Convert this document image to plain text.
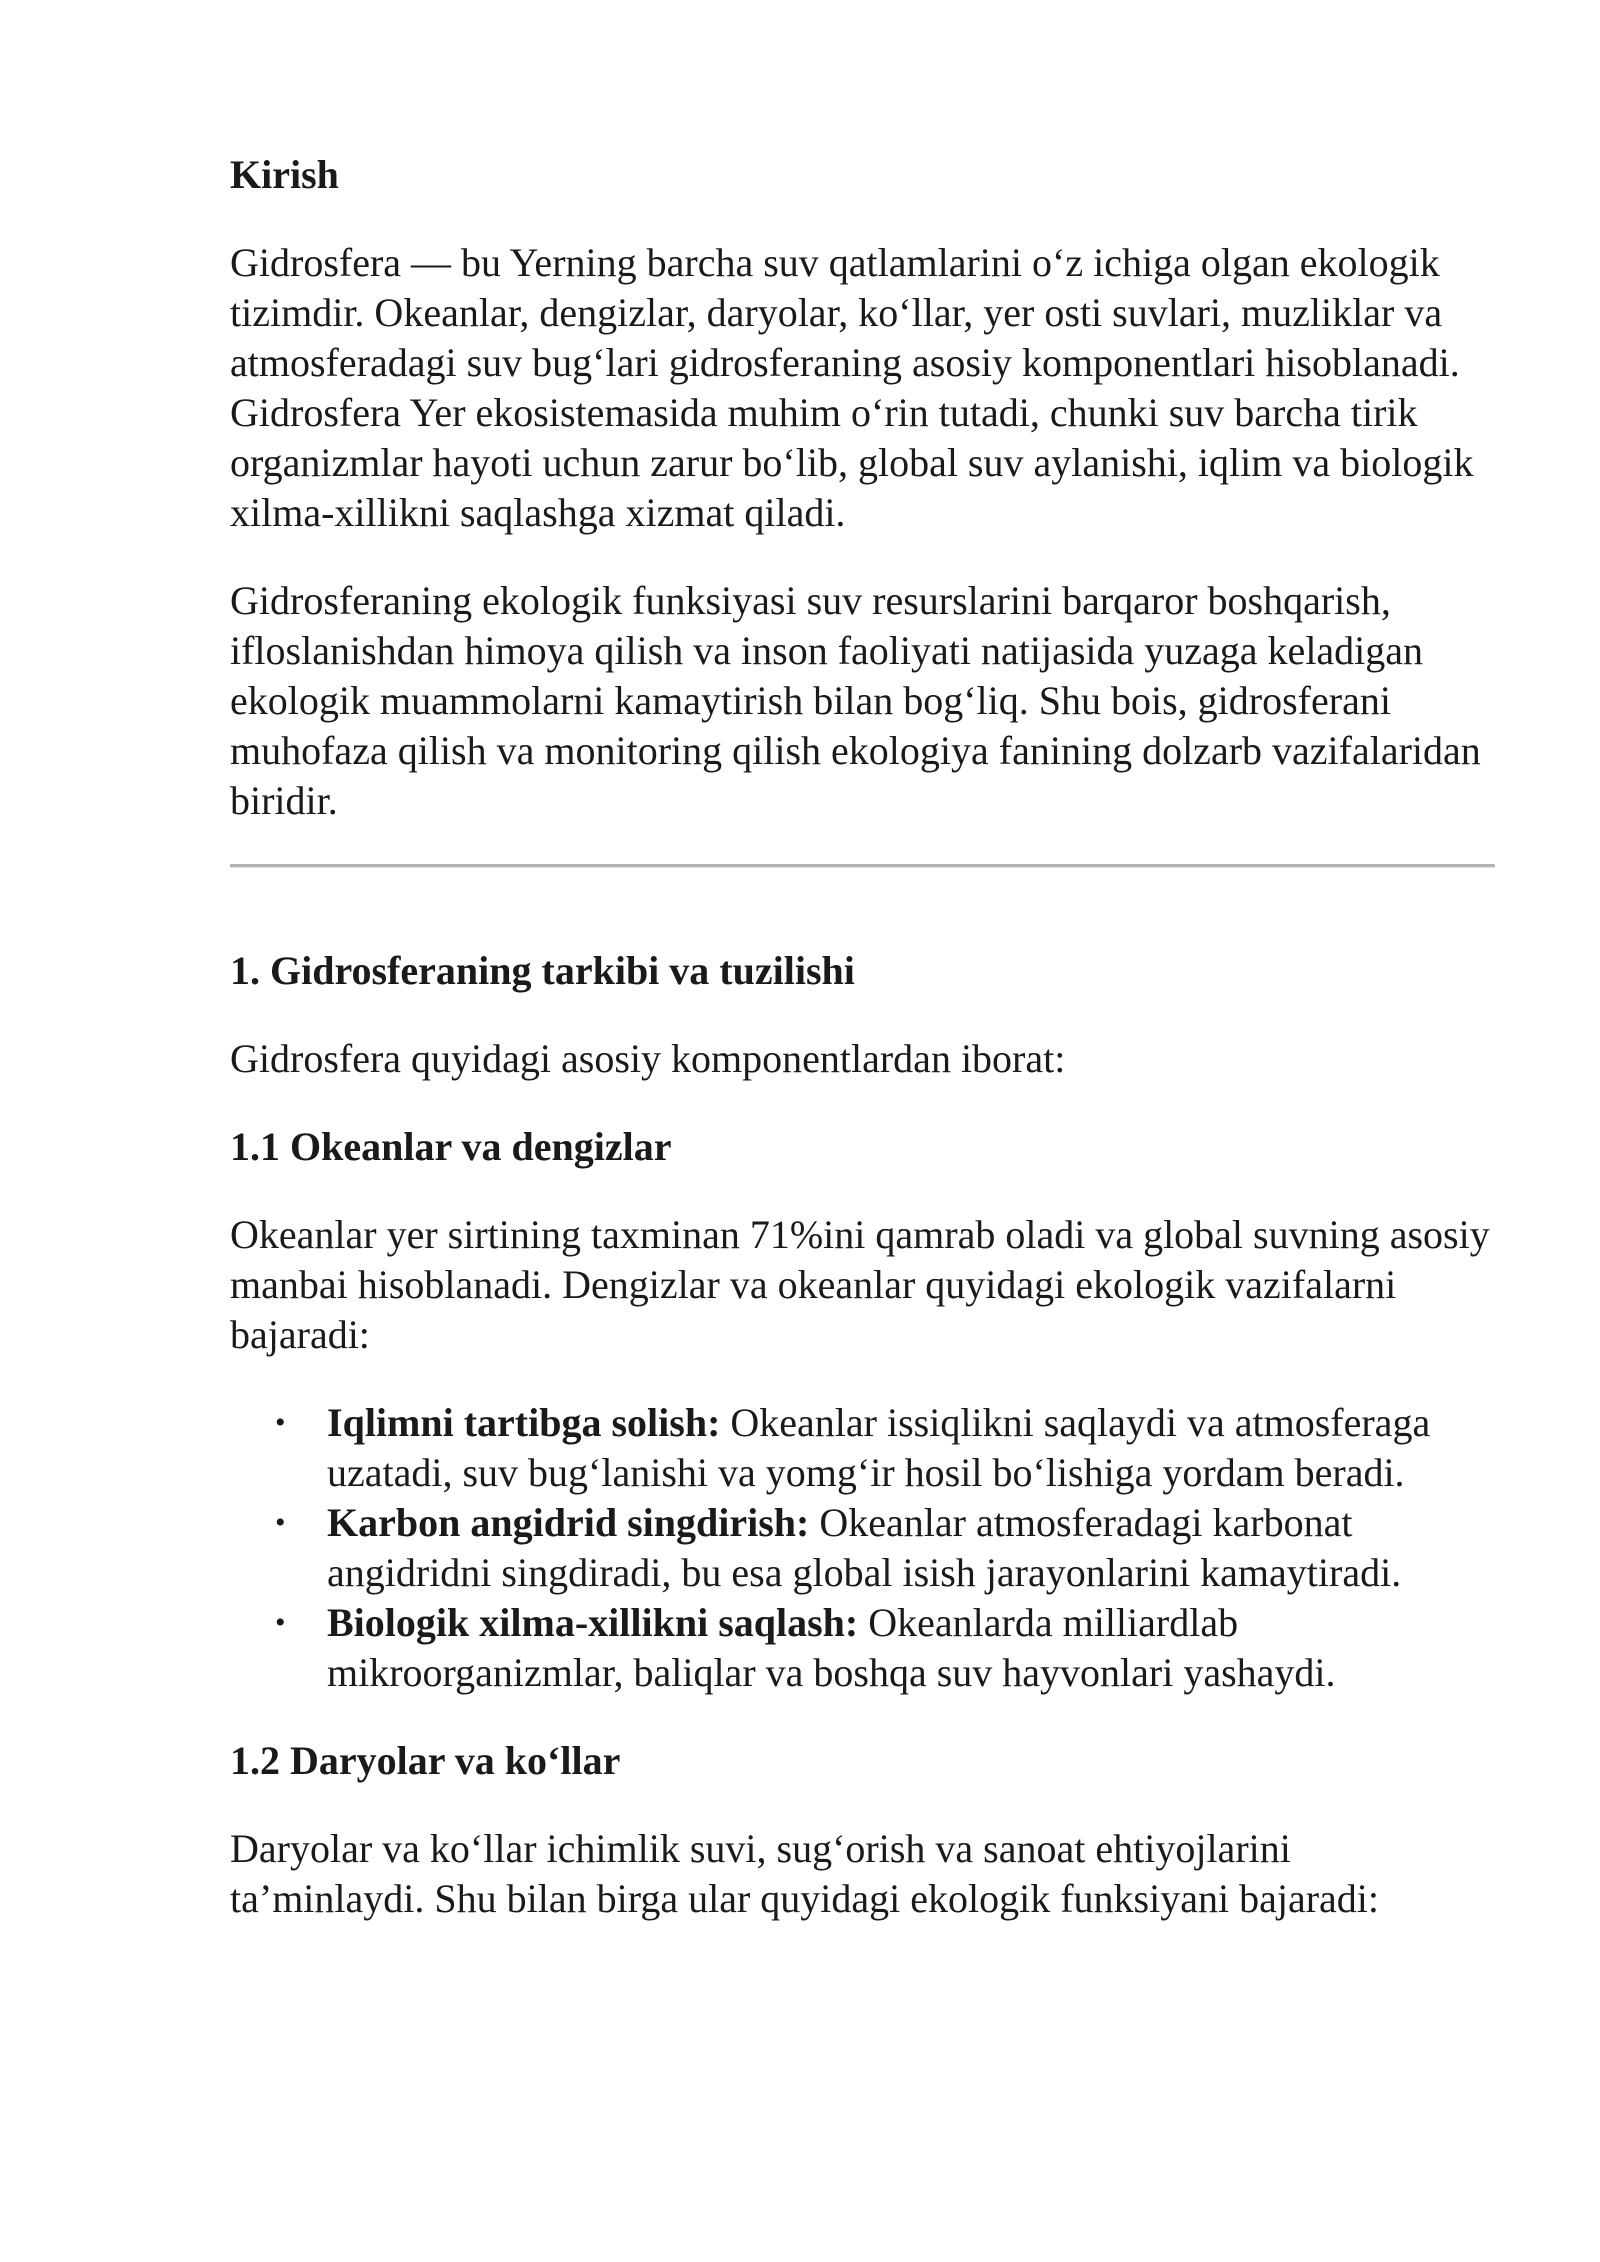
Kirish

Gidrosfera — bu Yerning barcha suv qatlamlarini o‘z ichiga olgan ekologik tizimdir. Okeanlar, dengizlar, daryolar, ko‘llar, yer osti suvlari, muzliklar va atmosferadagi suv bug‘lari gidrosferaning asosiy komponentlari hisoblanadi. Gidrosfera Yer ekosistemasida muhim o‘rin tutadi, chunki suv barcha tirik organizmlar hayoti uchun zarur bo‘lib, global suv aylanishi, iqlim va biologik xilma-xillikni saqlashga xizmat qiladi.

Gidrosferaning ekologik funksiyasi suv resurslarini barqaror boshqarish, ifloslanishdan himoya qilish va inson faoliyati natijasida yuzaga keladigan ekologik muammolarni kamaytirish bilan bog‘liq. Shu bois, gidrosferani muhofaza qilish va monitoring qilish ekologiya fanining dolzarb vazifalaridan biridir.

1. Gidrosferaning tarkibi va tuzilishi

Gidrosfera quyidagi asosiy komponentlardan iborat:

1.1 Okeanlar va dengizlar

Okeanlar yer sirtining taxminan 71%ini qamrab oladi va global suvning asosiy manbai hisoblanadi. Dengizlar va okeanlar quyidagi ekologik vazifalarni bajaradi:

• Iqlimni tartibga solish: Okeanlar issiqlikni saqlaydi va atmosferaga uzatadi, suv bug‘lanishi va yomg‘ir hosil bo‘lishiga yordam beradi.
• Karbon angidrid singdirish: Okeanlar atmosferadagi karbonat angidridni singdiradi, bu esa global isish jarayonlarini kamaytiradi.
• Biologik xilma-xillikni saqlash: Okeanlarda milliardlab mikroorganizmlar, baliqlar va boshqa suv hayvonlari yashaydi.
1.2 Daryolar va ko‘llar

Daryolar va ko‘llar ichimlik suvi, sug‘orish va sanoat ehtiyojlarini ta’minlaydi. Shu bilan birga ular quyidagi ekologik funksiyani bajaradi:
